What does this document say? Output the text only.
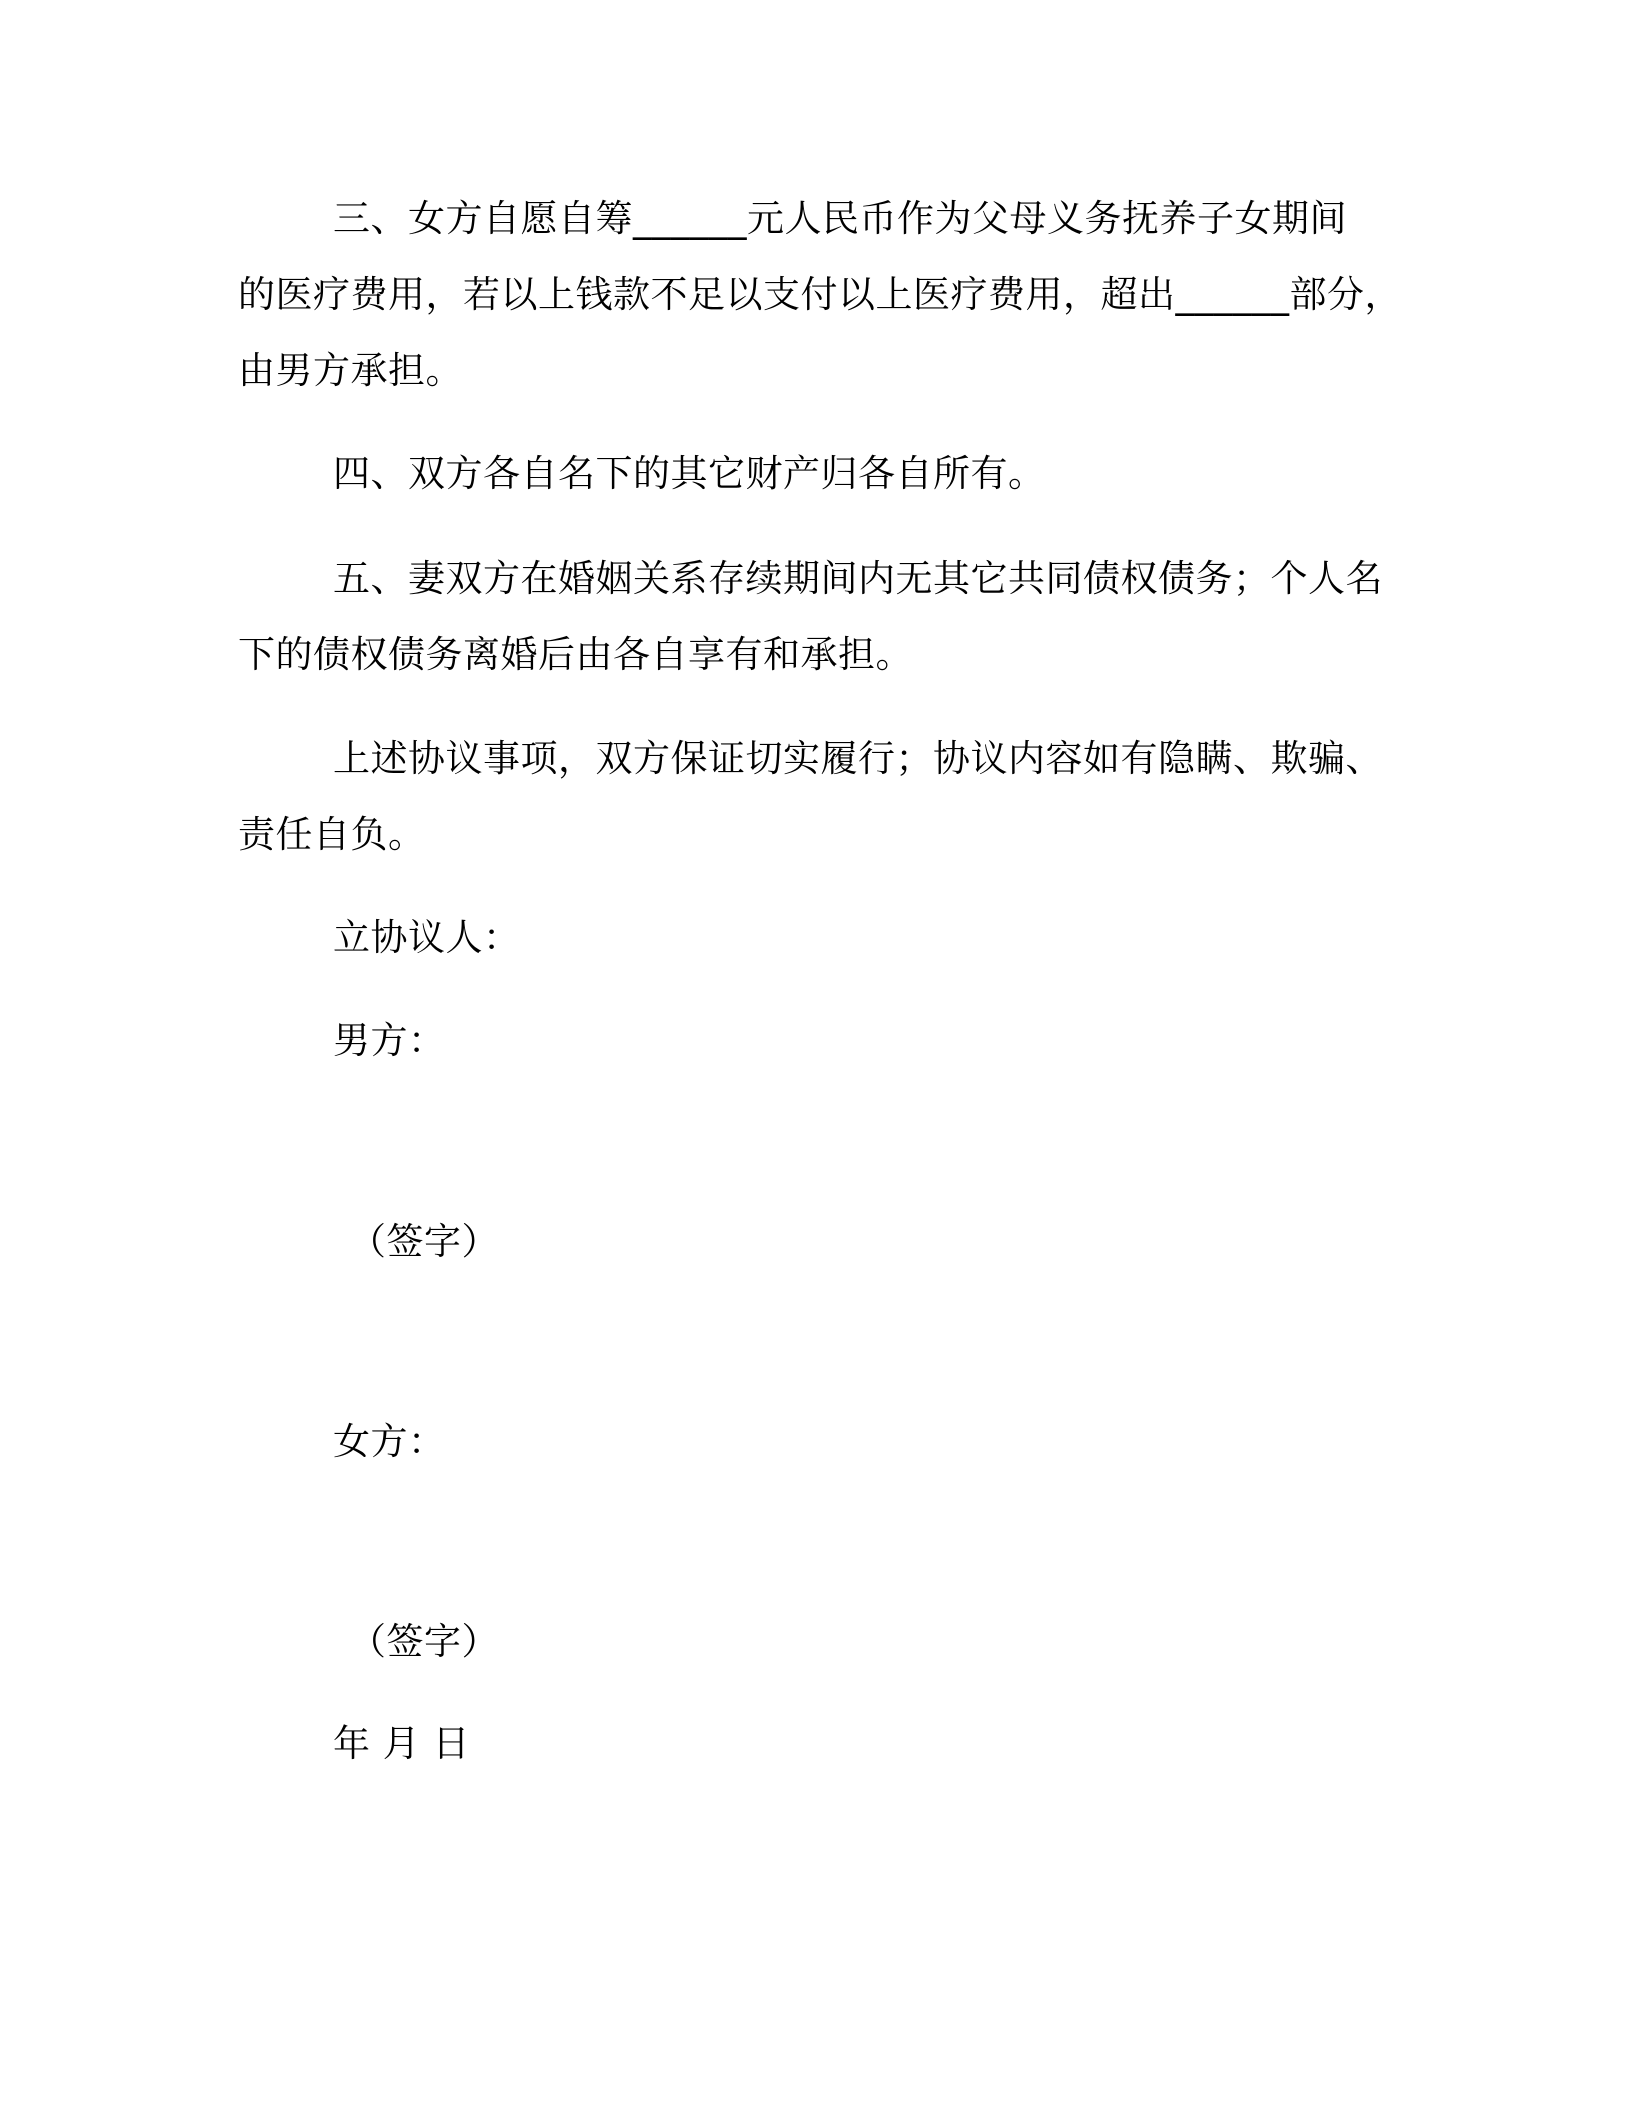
三、女方自愿自筹______元人民币作为父母义务抚养子女期间

的医疗费用，若以上钱款不足以支付以上医疗费用，超出______部分，

由男方承担。

四、双方各自名下的其它财产归各自所有。

五、妻双方在婚姻关系存续期间内无其它共同债权债务；个人名

下的债权债务离婚后由各自享有和承担。

上述协议事项，双方保证切实履行；协议内容如有隐瞒、欺骗、

责任自负。

立协议人：

男方：

（签字）

女方：

（签字）

年 月 日
